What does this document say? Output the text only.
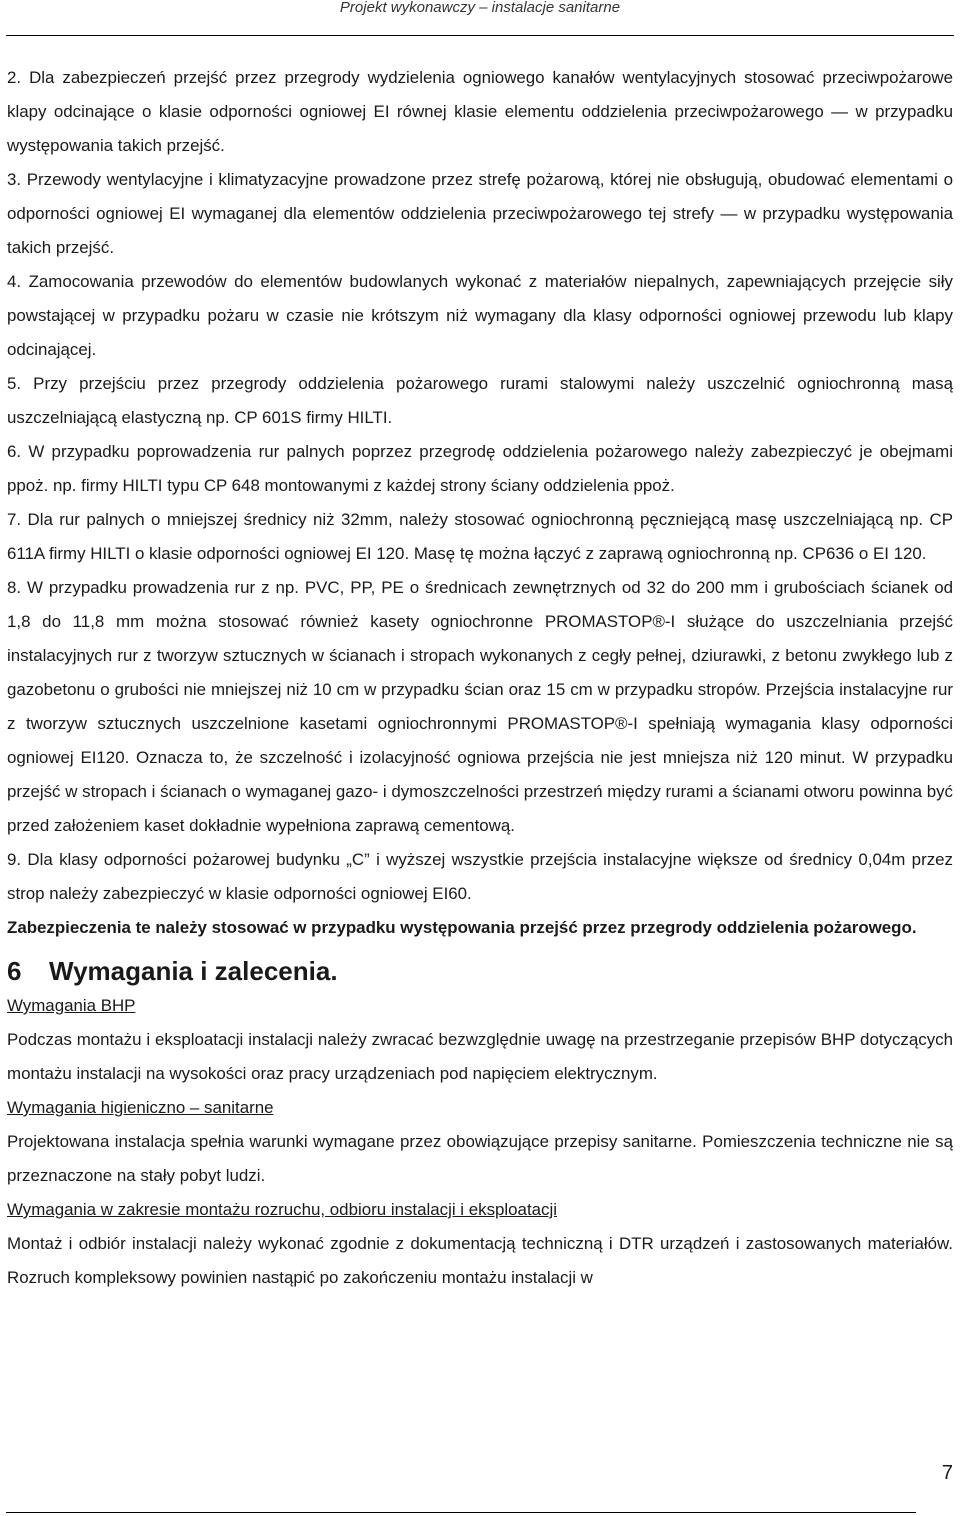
Projekt wykonawczy – instalacje sanitarne

2. Dla zabezpieczeń przejść przez przegrody wydzielenia ogniowego kanałów wentylacyjnych stosować przeciwpożarowe klapy odcinające o klasie odporności ogniowej EI równej klasie elementu oddzielenia przeciwpożarowego — w przypadku występowania takich przejść.

3. Przewody wentylacyjne i klimatyzacyjne prowadzone przez strefę pożarową, której nie obsługują, obudować elementami o odporności ogniowej EI wymaganej dla elementów oddzielenia przeciwpożarowego tej strefy — w przypadku występowania takich przejść.

4. Zamocowania przewodów do elementów budowlanych wykonać z materiałów niepalnych, zapewniających przejęcie siły powstającej w przypadku pożaru w czasie nie krótszym niż wymagany dla klasy odporności ogniowej przewodu lub klapy odcinającej.

5. Przy przejściu przez przegrody oddzielenia pożarowego rurami stalowymi należy uszczelnić ogniochronną masą uszczelniającą elastyczną np. CP 601S firmy HILTI.

6. W przypadku poprowadzenia rur palnych poprzez przegrodę oddzielenia pożarowego należy zabezpieczyć je obejmami ppoż. np. firmy HILTI typu CP 648 montowanymi z każdej strony ściany oddzielenia ppoż.

7. Dla rur palnych o mniejszej średnicy niż 32mm, należy stosować ogniochronną pęczniejącą masę uszczelniającą np. CP 611A firmy HILTI o klasie odporności ogniowej EI 120. Masę tę można łączyć z zaprawą ogniochronną np. CP636 o EI 120.

8. W przypadku prowadzenia rur z np. PVC, PP, PE o średnicach zewnętrznych od 32 do 200 mm i grubościach ścianek od 1,8 do 11,8 mm można stosować również kasety ogniochronne PROMASTOP®-I służące do uszczelniania przejść instalacyjnych rur z tworzyw sztucznych w ścianach i stropach wykonanych z cegły pełnej, dziurawki, z betonu zwykłego lub z gazobetonu o grubości nie mniejszej niż 10 cm w przypadku ścian oraz 15 cm w przypadku stropów. Przejścia instalacyjne rur z tworzyw sztucznych uszczelnione kasetami ogniochronnymi PROMASTOP®-I spełniają wymagania klasy odporności ogniowej EI120. Oznacza to, że szczelność i izolacyjność ogniowa przejścia nie jest mniejsza niż 120 minut. W przypadku przejść w stropach i ścianach o wymaganej gazo- i dymoszczelności przestrzeń między rurami a ścianami otworu powinna być przed założeniem kaset dokładnie wypełniona zaprawą cementową.

9. Dla klasy odporności pożarowej budynku „C” i wyższej wszystkie przejścia instalacyjne większe od średnicy 0,04m przez strop należy zabezpieczyć w klasie odporności ogniowej EI60.

Zabezpieczenia te należy stosować w przypadku występowania przejść przez przegrody oddzielenia pożarowego.

6	Wymagania i zalecenia.

Wymagania BHP

Podczas montażu i eksploatacji instalacji należy zwracać bezwzględnie uwagę na przestrzeganie przepisów BHP dotyczących montażu instalacji na wysokości oraz pracy urządzeniach pod napięciem elektrycznym.

Wymagania higieniczno – sanitarne

Projektowana instalacja spełnia warunki wymagane przez obowiązujące przepisy sanitarne. Pomieszczenia techniczne nie są przeznaczone na stały pobyt ludzi.

Wymagania w zakresie montażu rozruchu, odbioru instalacji i eksploatacji

Montaż i odbiór instalacji należy wykonać zgodnie z dokumentacją techniczną i DTR urządzeń i zastosowanych materiałów. Rozruch kompleksowy powinien nastąpić po zakończeniu montażu instalacji w

7
